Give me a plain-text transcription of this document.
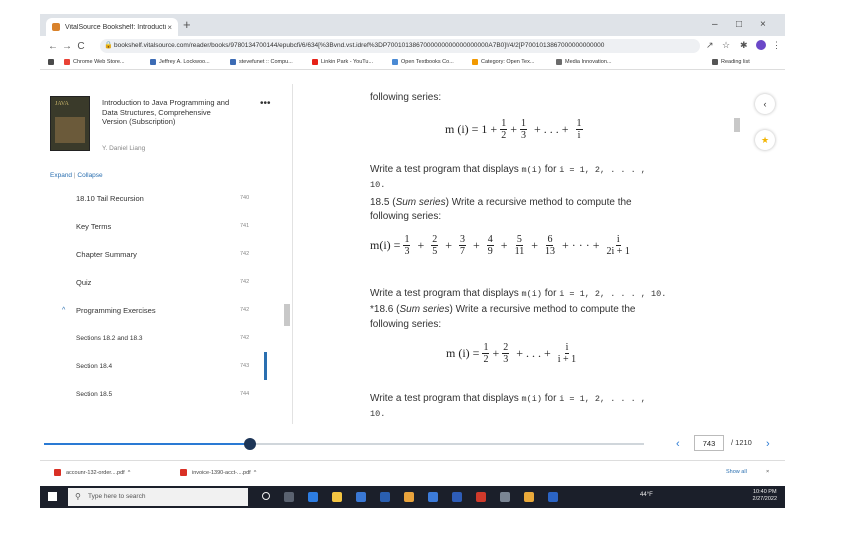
VitalSource Bookshelf: Introducti × +	– □ ×
← → C	🔒 bookshelf.vitalsource.com/reader/books/9780134700144/epubcfi/6/634[%3Bvnd.vst.idref%3DP7001013867000000000000000000A7B0]!/4/2[P7001013867000000000000	↗ ☆ ✱	⋮
Chrome Web Store...	Jeffrey A. Lockwoo...	stevefunet :: Compu...	Linkin Park - YouTu...	Open Textbooks Co...	Category: Open Tex...	Media Innovation...	Reading list
JAVA	Introduction to Java Programming and Data Structures, Comprehensive Version (Subscription)
Y. Daniel Liang
•••
Expand | Collapse
18.10 Tail Recursion	740
Key Terms	741
Chapter Summary	742
Quiz	742
^ Programming Exercises	742
Sections 18.2 and 18.3	742
Section 18.4	743
Section 18.5	744
following series:
m $(i) = 1 + \frac{1}{2} + \frac{1}{3}$ + . . . + $\frac{1}{i}$
Write a test program that displays m(i) for i = 1, 2, . . . ,
10.
18.5 (Sum series) Write a recursive method to compute the
following series:
$m(i) = \frac{1}{3} + \frac{2}{5} + \frac{3}{7} + \frac{4}{9} + \frac{5}{11} + \frac{6}{13}$ + · · · + $\frac{i}{2i + 1}$
Write a test program that displays m(i) for i = 1, 2, . . . , 10.
*18.6 (Sum series) Write a recursive method to compute the
following series:
m $(i) = \frac{1}{2} + \frac{2}{3}$ + . . . + $\frac{i}{i + 1}$
Write a test program that displays m(i) for i = 1, 2, . . . ,
10.
‹
★
‹	743	/ 1210 ›
accounr-132-order....pdf
^	invoice-1390-acct-....pdf
^	Show all	×
⚲ Type here to search	44°F	10:40 PM
2/27/2022
